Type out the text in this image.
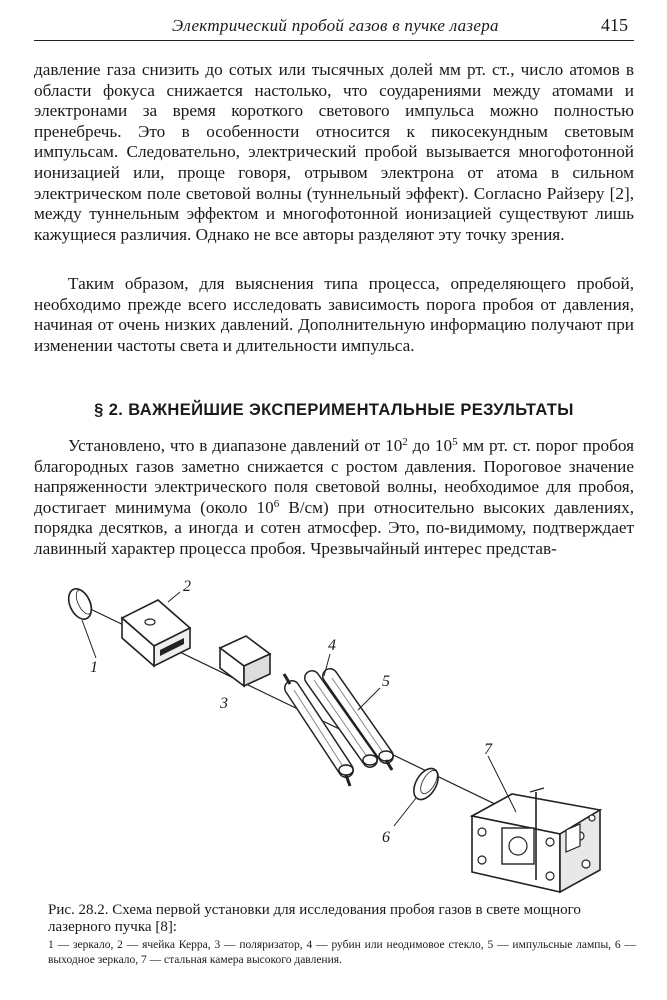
Электрический пробой газов в пучке лазера	415

давление газа снизить до сотых или тысячных долей мм рт. ст., число атомов в области фокуса снижается настолько, что соударениями между атомами и электронами за время короткого светового импульса можно полностью пренебречь. Это в особенности относится к пикосекундным световым импульсам. Следовательно, электрический пробой вызывается многофотонной ионизацией или, проще говоря, отрывом электрона от атома в сильном электрическом поле световой волны (туннельный эффект). Согласно Райзеру [2], между туннельным эффектом и многофотонной ионизацией существуют лишь кажущиеся различия. Однако не все авторы разделяют эту точку зрения.

Таким образом, для выяснения типа процесса, определяющего пробой, необходимо прежде всего исследовать зависимость порога пробоя от давления, начиная от очень низких давлений. Дополнительную информацию получают при изменении частоты света и длительности импульса.

§ 2. ВАЖНЕЙШИЕ ЭКСПЕРИМЕНТАЛЬНЫЕ РЕЗУЛЬТАТЫ

Установлено, что в диапазоне давлений от $10^2$ до $10^5$ мм рт. ст. порог пробоя благородных газов заметно снижается с ростом давления. Пороговое значение напряженности электрического поля световой волны, необходимое для пробоя, достигает минимума (около $10^6$ В/см) при относительно высоких давлениях, порядка десятков, а иногда и сотен атмосфер. Это, по-видимому, подтверждает лавинный характер процесса пробоя. Чрезвычайный интерес представ-

1
2
3
4
5
6
7

Рис. 28.2. Схема первой установки для исследования пробоя газов в свете мощного лазерного пучка [8]:

1 — зеркало, 2 — ячейка Керра, 3 — поляризатор, 4 — рубин или неодимовое стекло, 5 — импульсные лампы, 6 — выходное зеркало, 7 — стальная камера высокого давления.
